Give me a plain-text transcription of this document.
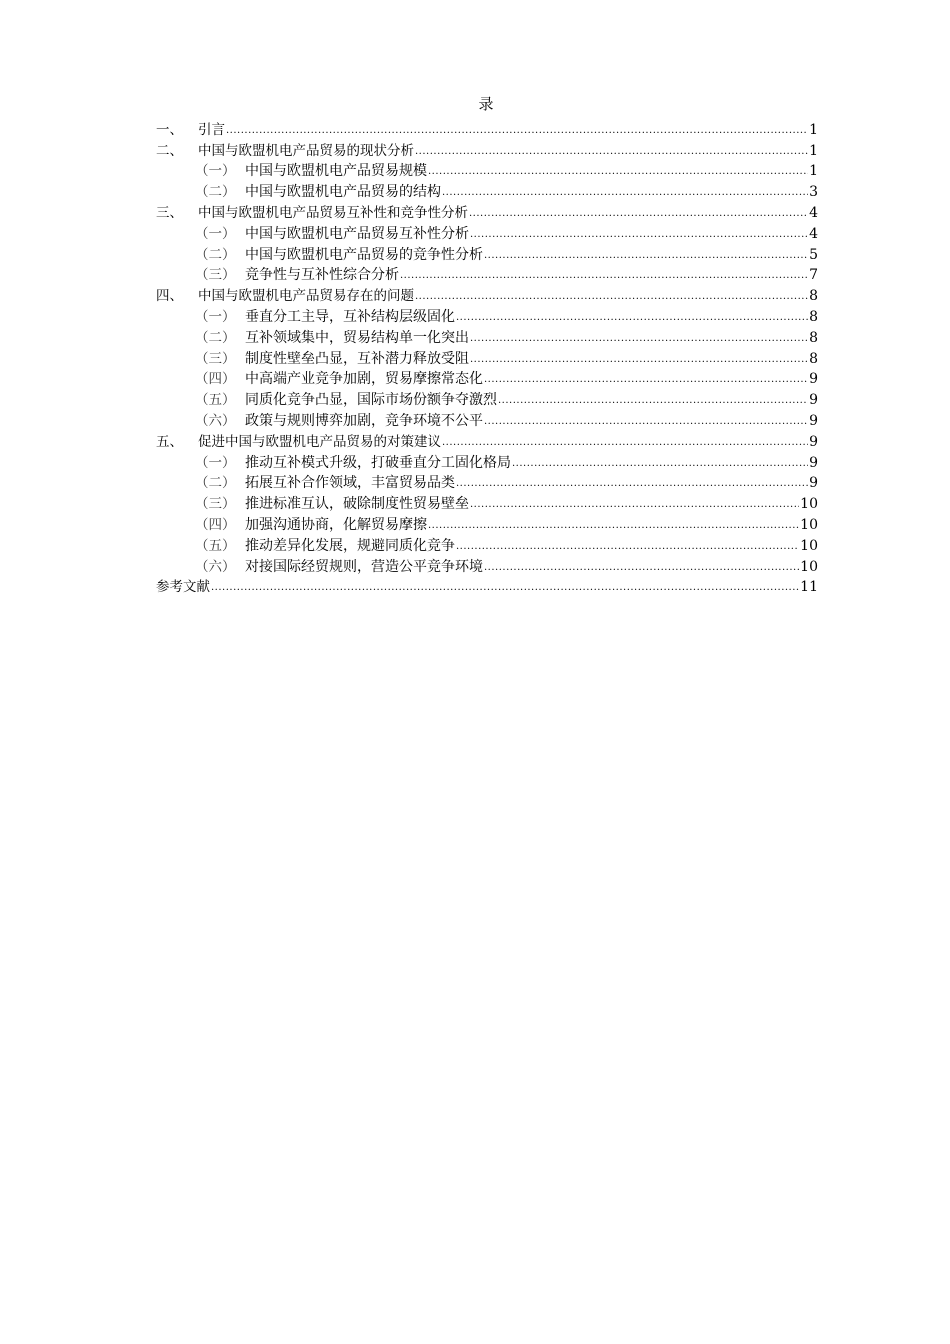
录
一、	引言 .....	1
二、	中国与欧盟机电产品贸易的现状分析 .....	1
（一） 中国与欧盟机电产品贸易规模 .....	1
（二） 中国与欧盟机电产品贸易的结构 .....	3
三、	中国与欧盟机电产品贸易互补性和竞争性分析 .....	4
（一） 中国与欧盟机电产品贸易互补性分析 .....	4
（二） 中国与欧盟机电产品贸易的竞争性分析 .....	5
（三） 竞争性与互补性综合分析 .....	7
四、	中国与欧盟机电产品贸易存在的问题 .....	8
（一） 垂直分工主导，互补结构层级固化 .....	8
（二） 互补领域集中，贸易结构单一化突出 .....	8
（三） 制度性壁垒凸显，互补潜力释放受阻 .....	8
（四） 中高端产业竞争加剧，贸易摩擦常态化 .....	9
（五） 同质化竞争凸显，国际市场份额争夺激烈 .....	9
（六） 政策与规则博弈加剧，竞争环境不公平 .....	9
五、	促进中国与欧盟机电产品贸易的对策建议 .....	9
（一） 推动互补模式升级，打破垂直分工固化格局 .....	9
（二） 拓展互补合作领域，丰富贸易品类 .....	9
（三） 推进标准互认，破除制度性贸易壁垒 .....	10
（四） 加强沟通协商，化解贸易摩擦 .....	10
（五） 推动差异化发展，规避同质化竞争 .....	10
（六） 对接国际经贸规则，营造公平竞争环境 .....	10
参考文献 .....	11
